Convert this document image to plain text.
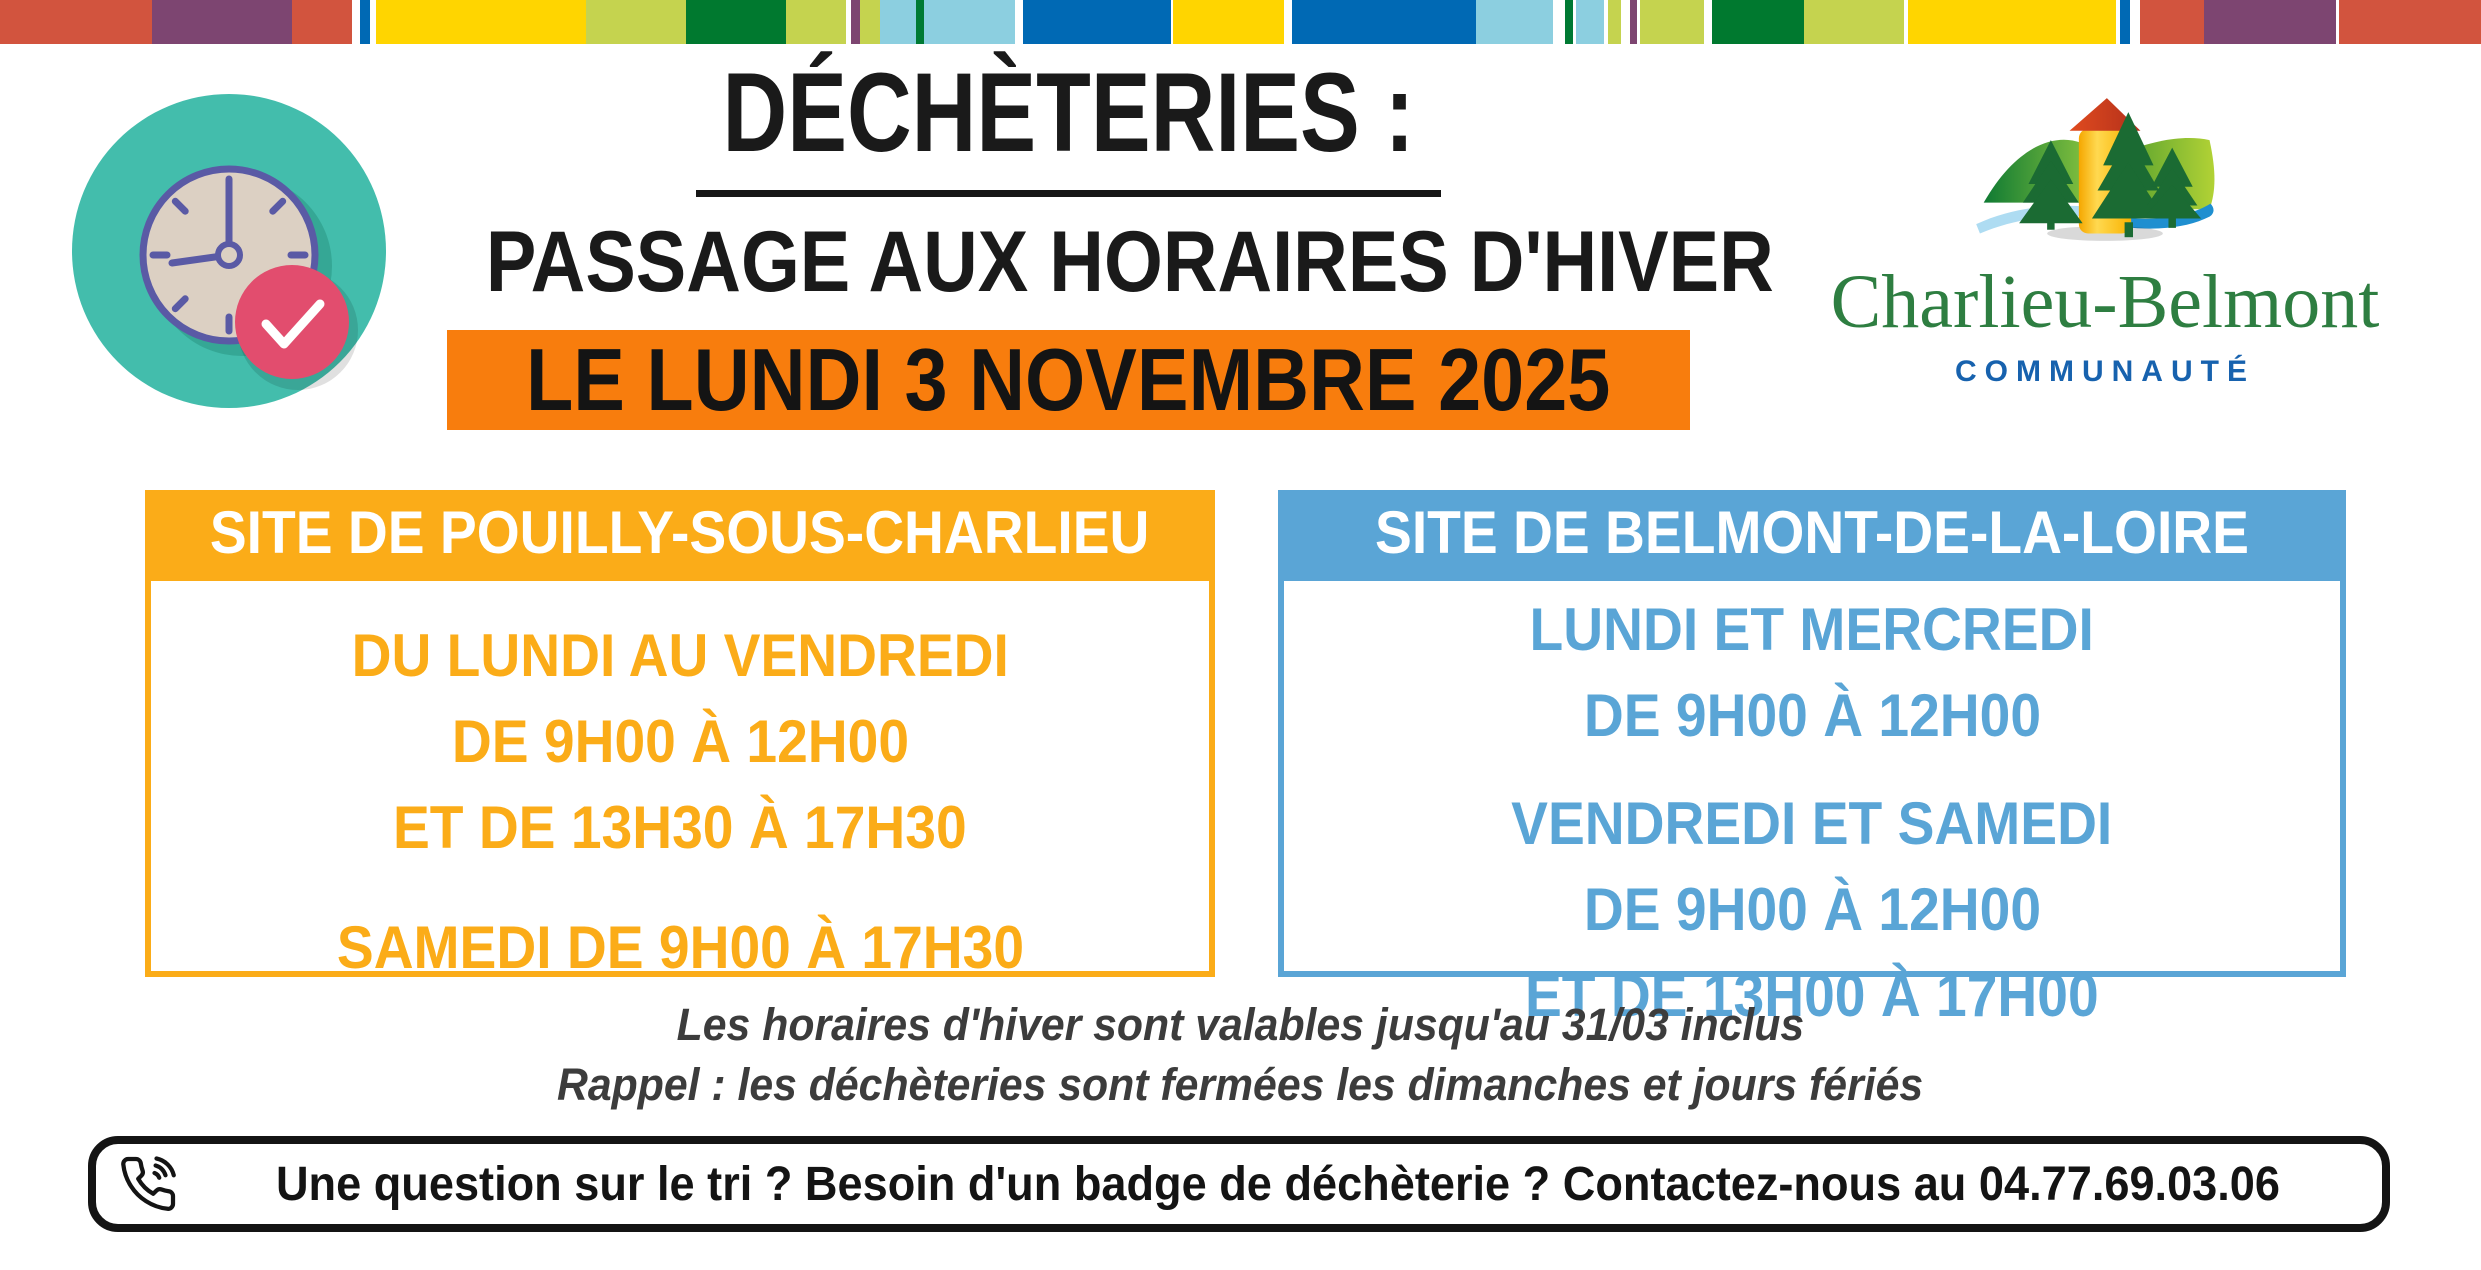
DÉCHÈTERIES :
PASSAGE AUX HORAIRES D'HIVER
LE LUNDI 3 NOVEMBRE 2025
Charlieu-Belmont
COMMUNAUTÉ
SITE DE POUILLY-SOUS-CHARLIEU
DU LUNDI AU VENDREDI
DE 9H00 À 12H00
ET DE 13H30 À 17H30
SAMEDI DE 9H00 À 17H30
SITE DE BELMONT-DE-LA-LOIRE
LUNDI ET MERCREDI
DE 9H00 À 12H00
VENDREDI ET SAMEDI
DE 9H00 À 12H00
ET DE 13H00 À 17H00
Les horaires d'hiver sont valables jusqu'au 31/03 inclus
Rappel : les déchèteries sont fermées les dimanches et jours fériés
Une question sur le tri ? Besoin d'un badge de déchèterie ? Contactez-nous au 04.77.69.03.06
